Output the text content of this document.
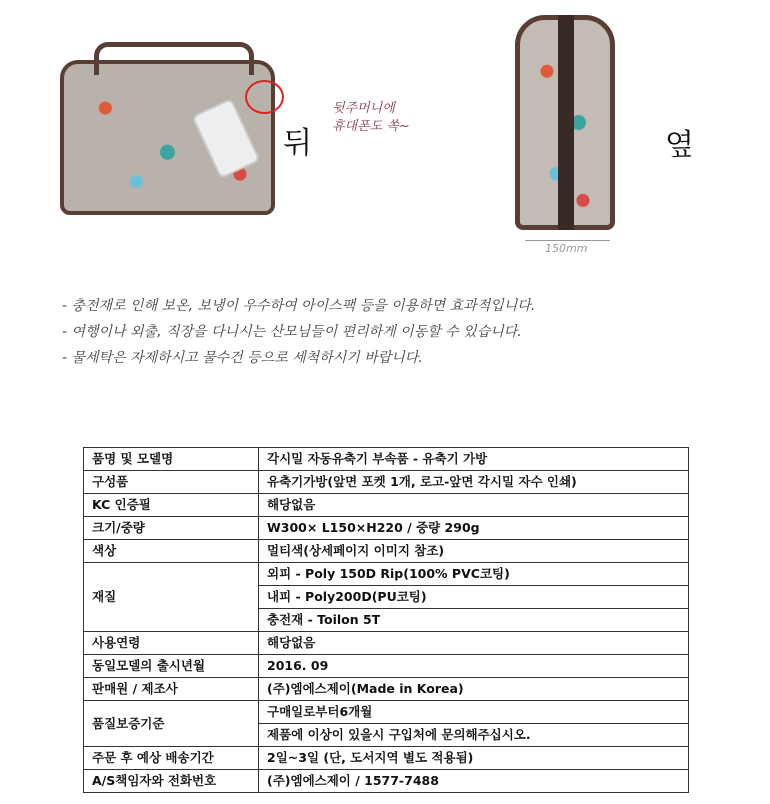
뒤
뒷주머니에
휴대폰도 쏙~
150mm
옆
- 충전재로 인해 보온, 보냉이 우수하여 아이스팩 등을 이용하면 효과적입니다.
- 여행이나 외출, 직장을 다니시는 산모님들이 편리하게 이동할 수 있습니다.
- 물세탁은 자제하시고 물수건 등으로 세척하시기 바랍니다.
품명 및 모델명	각시밀 자동유축기 부속품 - 유축기 가방
구성품	유축기가방(앞면 포켓 1개, 로고-앞면 각시밀 자수 인쇄)
KC 인증필	해당없음
크기/중량	W300× L150×H220 / 중량 290g
색상	멀티색(상세페이지 이미지 참조)
재질	외피 - Poly 150D Rip(100% PVC코팅)
	내피 - Poly200D(PU코팅)
	충전재 - Toilon 5T
사용연령	해당없음
동일모델의 출시년월	2016. 09
판매원 / 제조사	(주)엠에스제이(Made in Korea)
품질보증기준	구매일로부터6개월
	제품에 이상이 있을시 구입처에 문의해주십시오.
주문 후 예상 배송기간	2일~3일 (단, 도서지역 별도 적용됨)
A/S책임자와 전화번호	(주)엠에스제이 / 1577-7488
